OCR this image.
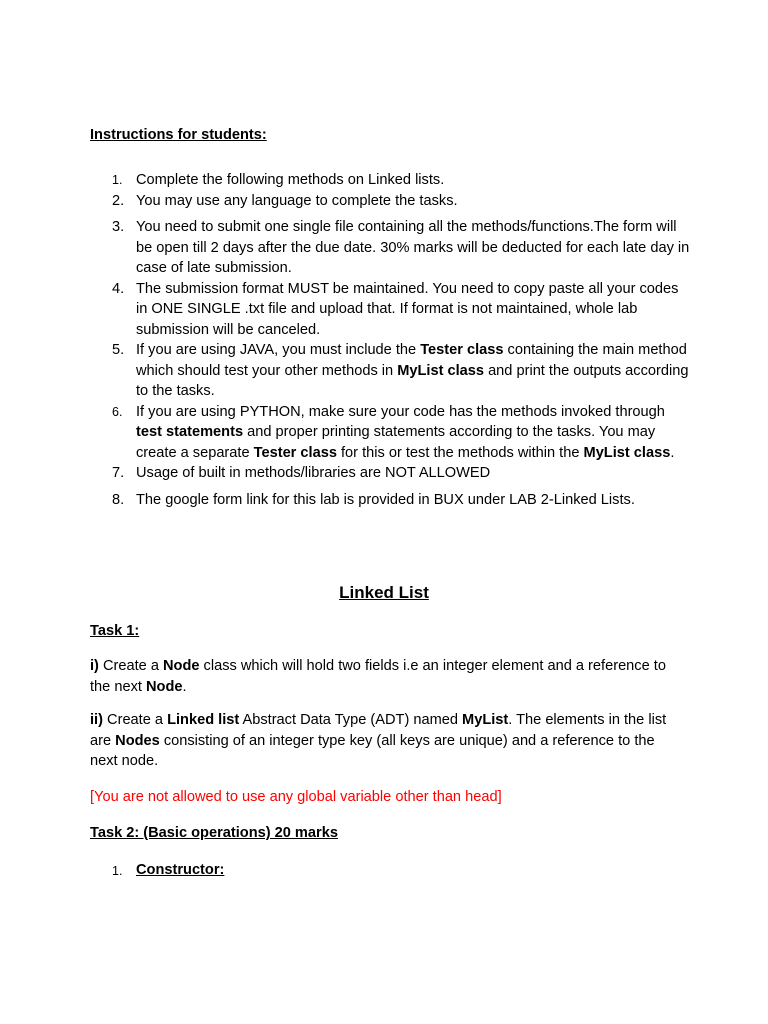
Instructions for students:
1. Complete the following methods on Linked lists.
2. You may use any language to complete the tasks.
3. You need to submit one single file containing all the methods/functions.The form will be open till 2 days after the due date. 30% marks will be deducted for each late day in case of late submission.
4. The submission format MUST be maintained. You need to copy paste all your codes in ONE SINGLE .txt file and upload that. If format is not maintained, whole lab submission will be canceled.
5. If you are using JAVA, you must include the Tester class containing the main method which should test your other methods in MyList class and print the outputs according to the tasks.
6. If you are using PYTHON, make sure your code has the methods invoked through test statements and proper printing statements according to the tasks. You may create a separate Tester class for this or test the methods within the MyList class.
7. Usage of built in methods/libraries are NOT ALLOWED
8. The google form link for this lab is provided in BUX under LAB 2-Linked Lists.
Linked List
Task 1:
i) Create a Node class which will hold two fields i.e an integer element and a reference to the next Node.
ii) Create a Linked list Abstract Data Type (ADT) named MyList. The elements in the list are Nodes consisting of an integer type key (all keys are unique) and a reference to the next node.
[You are not allowed to use any global variable other than head]
Task 2: (Basic operations) 20 marks
1. Constructor:
